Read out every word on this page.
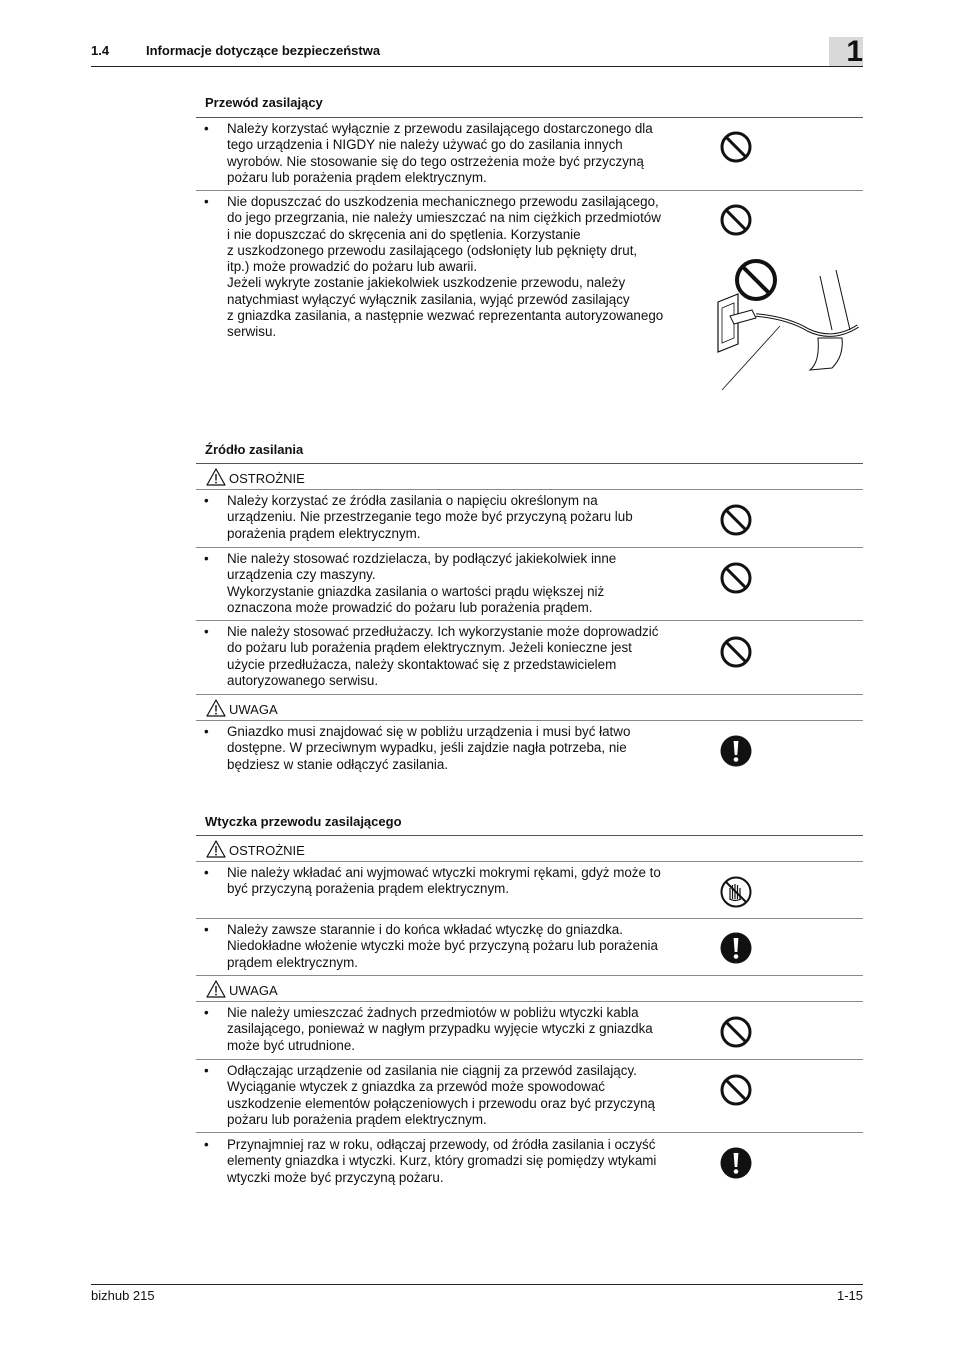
1.4	Informacje dotyczące bezpieczeństwa	1
Przewód zasilający
• Należy korzystać wyłącznie z przewodu zasilającego dostarczonego dla
tego urządzenia i NIGDY nie należy używać go do zasilania innych
wyrobów. Nie stosowanie się do tego ostrzeżenia może być przyczyną
pożaru lub porażenia prądem elektrycznym.
• Nie dopuszczać do uszkodzenia mechanicznego przewodu zasilającego,
do jego przegrzania, nie należy umieszczać na nim ciężkich przedmiotów
i nie dopuszczać do skręcenia ani do spętlenia. Korzystanie
z uszkodzonego przewodu zasilającego (odsłonięty lub pęknięty drut,
itp.) może prowadzić do pożaru lub awarii.
Jeżeli wykryte zostanie jakiekolwiek uszkodzenie przewodu, należy
natychmiast wyłączyć wyłącznik zasilania, wyjąć przewód zasilający
z gniazdka zasilania, a następnie wezwać reprezentanta autoryzowanego
serwisu.
Źródło zasilania
OSTROŻNIE
• Należy korzystać ze źródła zasilania o napięciu określonym na
urządzeniu. Nie przestrzeganie tego może być przyczyną pożaru lub
porażenia prądem elektrycznym.
• Nie należy stosować rozdzielacza, by podłączyć jakiekolwiek inne
urządzenia czy maszyny.
Wykorzystanie gniazdka zasilania o wartości prądu większej niż
oznaczona może prowadzić do pożaru lub porażenia prądem.
• Nie należy stosować przedłużaczy. Ich wykorzystanie może doprowadzić
do pożaru lub porażenia prądem elektrycznym. Jeżeli konieczne jest
użycie przedłużacza, należy skontaktować się z przedstawicielem
autoryzowanego serwisu.
UWAGA
• Gniazdko musi znajdować się w pobliżu urządzenia i musi być łatwo
dostępne. W przeciwnym wypadku, jeśli zajdzie nagła potrzeba, nie
będziesz w stanie odłączyć zasilania.
Wtyczka przewodu zasilającego
OSTROŻNIE
• Nie należy wkładać ani wyjmować wtyczki mokrymi rękami, gdyż może to
być przyczyną porażenia prądem elektrycznym.
• Należy zawsze starannie i do końca wkładać wtyczkę do gniazdka.
Niedokładne włożenie wtyczki może być przyczyną pożaru lub porażenia
prądem elektrycznym.
UWAGA
• Nie należy umieszczać żadnych przedmiotów w pobliżu wtyczki kabla
zasilającego, ponieważ w nagłym przypadku wyjęcie wtyczki z gniazdka
może być utrudnione.
• Odłączając urządzenie od zasilania nie ciągnij za przewód zasilający.
Wyciąganie wtyczek z gniazdka za przewód może spowodować
uszkodzenie elementów połączeniowych i przewodu oraz być przyczyną
pożaru lub porażenia prądem elektrycznym.
• Przynajmniej raz w roku, odłączaj przewody, od źródła zasilania i oczyść
elementy gniazdka i wtyczki. Kurz, który gromadzi się pomiędzy wtykami
wtyczki może być przyczyną pożaru.
bizhub 215	1-15
